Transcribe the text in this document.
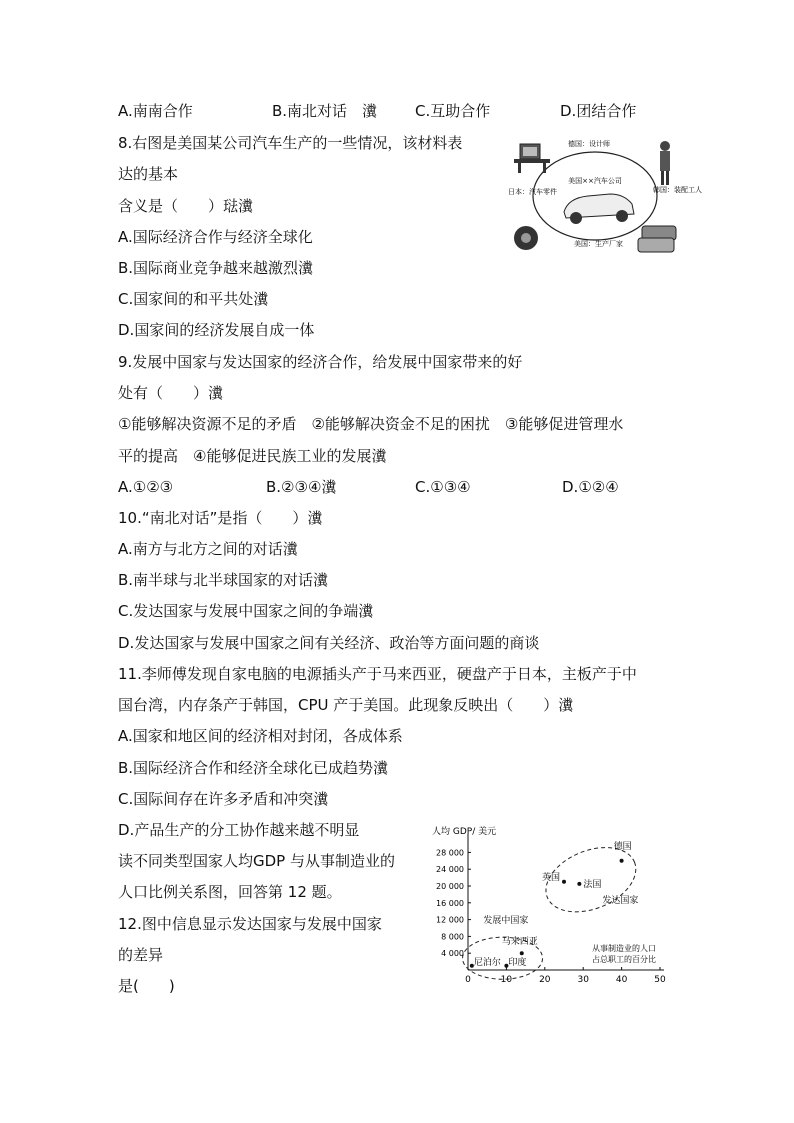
A.南南合作	B.南北对话　瀵	C.互助合作	D.团结合作
8.右图是美国某公司汽车生产的一些情况，该材料表
达的基本
含义是（　　）琺瀵
A.国际经济合作与经济全球化
B.国际商业竞争越来越激烈瀵
C.国家间的和平共处瀵
D.国家间的经济发展自成一体
美国××汽车公司
德国：设计师
韩国：装配工人
日本：汽车零件
美国：生产厂家
9.发展中国家与发达国家的经济合作，给发展中国家带来的好
处有（　　）瀵
①能够解决资源不足的矛盾　②能够解决资金不足的困扰　③能够促进管理水
平的提高　④能够促进民族工业的发展瀵
A.①②③	B.②③④瀵	C.①③④	D.①②④
10.“南北对话”是指（　　）瀵
A.南方与北方之间的对话瀵
B.南半球与北半球国家的对话瀵
C.发达国家与发展中国家之间的争端瀵
D.发达国家与发展中国家之间有关经济、政治等方面问题的商谈
11.李师傅发现自家电脑的电源插头产于马来西亚，硬盘产于日本，主板产于中
国台湾，内存条产于韩国，CPU 产于美国。此现象反映出（　　）瀵
A.国家和地区间的经济相对封闭，各成体系
B.国际经济合作和经济全球化已成趋势瀵
C.国际间存在许多矛盾和冲突瀵
D.产品生产的分工协作越来越不明显
读不同类型国家人均GDP 与从事制造业的
人口比例关系图，回答第 12 题。
12.图中信息显示发达国家与发展中国家
的差异
是(　　)
人均 GDP/ 美元
从事制造业的人口占总职工的百分比
0	10	20	30	40	50
4 000
8 000
12 000
16 000
20 000
24 000
28 000
发达国家
发展中国家
德国
英国
法国
马来西亚
尼泊尔 印度
